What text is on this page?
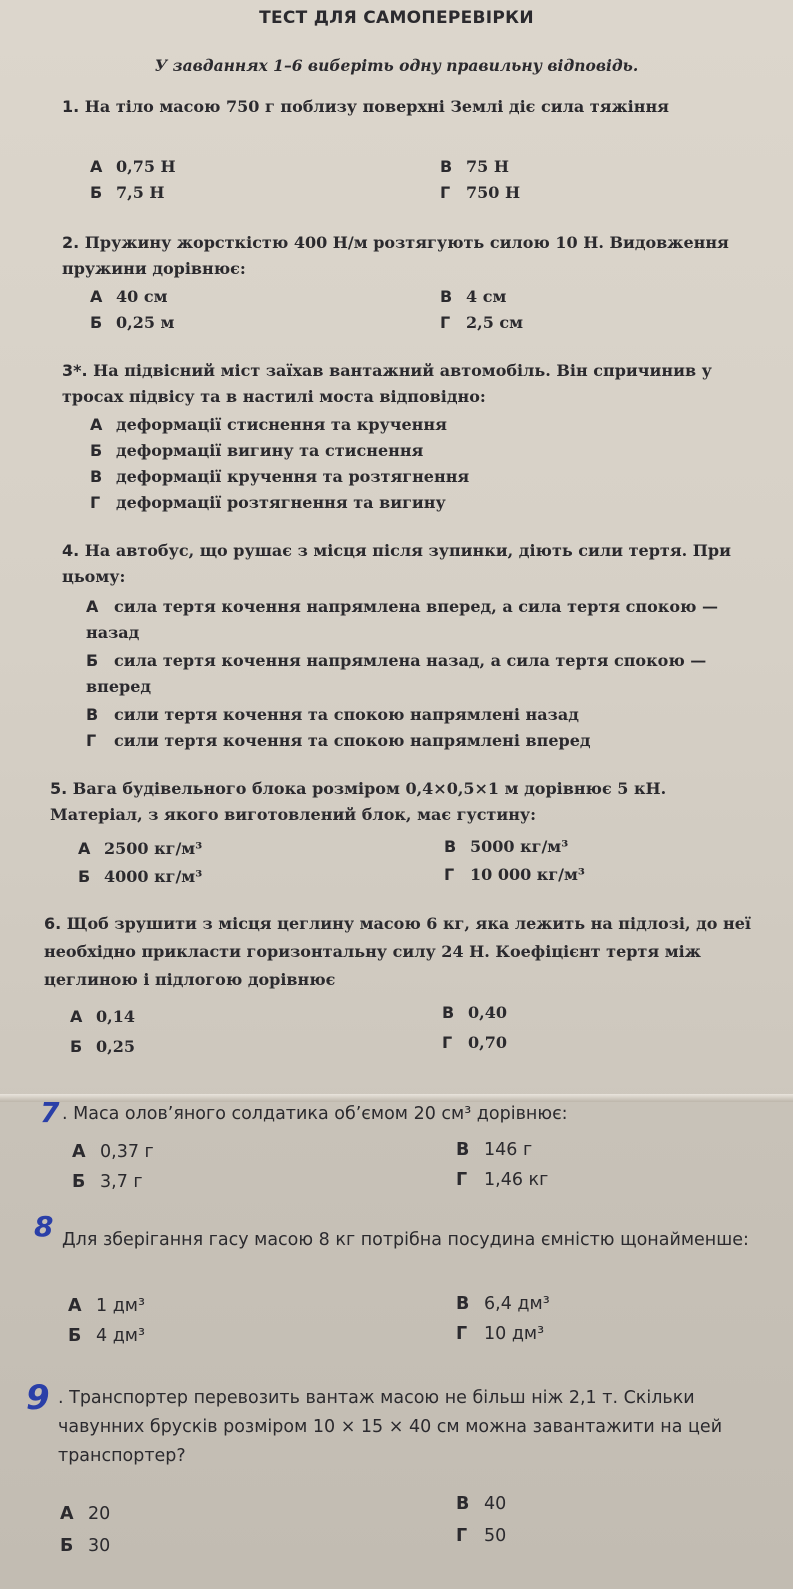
ТЕСТ ДЛЯ САМОПЕРЕВІРКИ
У завданнях 1–6 виберіть одну правильну відповідь.
1. На тіло масою 750 г поблизу поверхні Землі діє сила тяжіння
А 0,75 Н	В 75 Н
Б 7,5 Н	Г 750 Н
2. Пружину жорсткістю 400 Н/м розтягують силою 10 Н. Видовження пружини дорівнює:
А 40 см	В 4 см
Б 0,25 м	Г 2,5 см
3*. На підвісний міст заїхав вантажний автомобіль. Він спричинив у тросах підвісу та в настилі моста відповідно:
А деформації стиснення та кручення
Б деформації вигину та стиснення
В деформації кручення та розтягнення
Г деформації розтягнення та вигину
4. На автобус, що рушає з місця після зупинки, діють сили тертя. При цьому:
А сила тертя кочення напрямлена вперед, а сила тертя спокою — назад
Б сила тертя кочення напрямлена назад, а сила тертя спокою — вперед
В сили тертя кочення та спокою напрямлені назад
Г сили тертя кочення та спокою напрямлені вперед
5. Вага будівельного блока розміром 0,4×0,5×1 м дорівнює 5 кН. Матеріал, з якого виготовлений блок, має густину:
А 2500 кг/м³	В 5000 кг/м³
Б 4000 кг/м³	Г 10 000 кг/м³
6. Щоб зрушити з місця цеглину масою 6 кг, яка лежить на підлозі, до неї необхідно прикласти горизонтальну силу 24 Н. Коефіцієнт тертя між цеглиною і підлогою дорівнює
А 0,14	В 0,40
Б 0,25	Г 0,70
7 . Маса олов’яного солдатика об’ємом 20 см³ дорівнює:
А 0,37 г	В 146 г
Б 3,7 г	Г 1,46 кг
8 Для зберігання гасу масою 8 кг потрібна посудина ємністю щонайменше:
А 1 дм³	В 6,4 дм³
Б 4 дм³	Г 10 дм³
9 . Транспортер перевозить вантаж масою не більш ніж 2,1 т. Скільки чавунних брусків розміром 10 × 15 × 40 см можна завантажити на цей транспортер?
А 20	В 40
Б 30	Г 50
